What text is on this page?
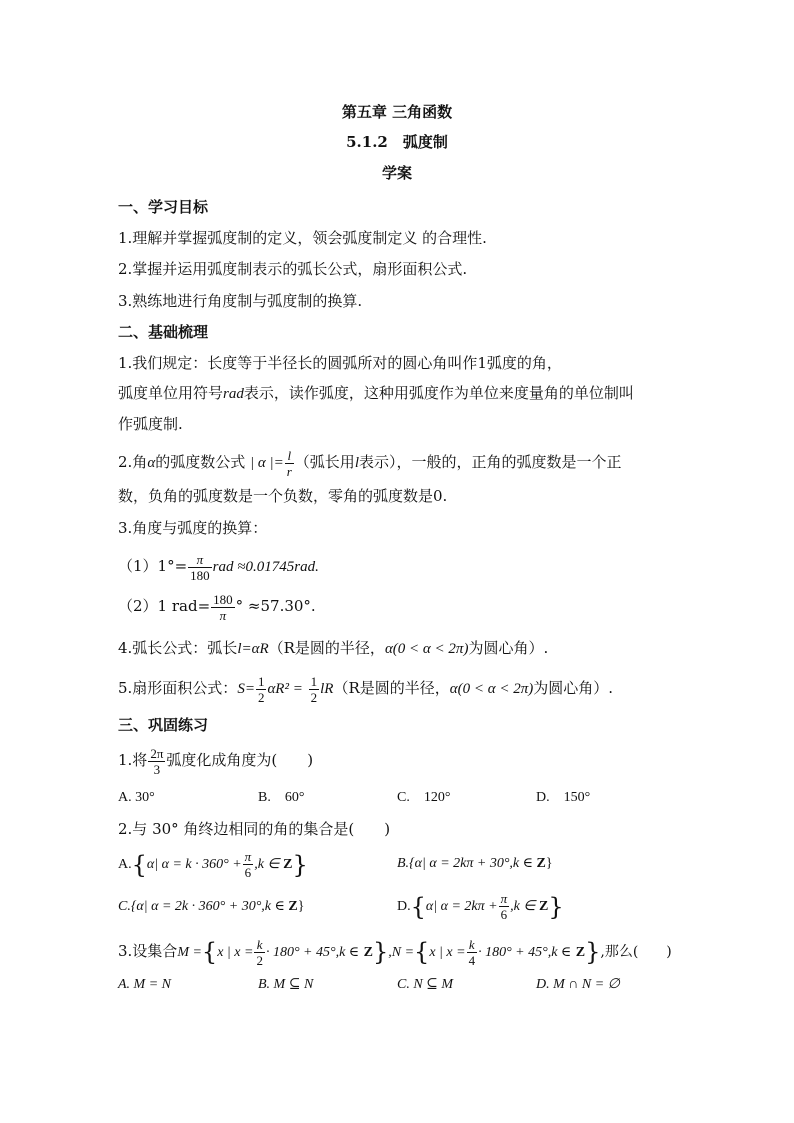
第五章 三角函数
5.1.2　弧度制
学案
一、学习目标
1.理解并掌握弧度制的定义，领会弧度制定义 的合理性.
2.掌握并运用弧度制表示的弧长公式，扇形面积公式.
3.熟练地进行角度制与弧度制的换算.
二、基础梳理
1.我们规定：长度等于半径长的圆弧所对的圆心角叫作1弧度的角，
弧度单位用符号rad表示，读作弧度，这种用弧度作为单位来度量角的单位制叫
作弧度制.
2.角α的弧度数公式 | α |= $\frac{l}{r}$ （弧长用l表示），一般的，正角的弧度数是一个正
数，负角的弧度数是一个负数，零角的弧度数是0.
3.角度与弧度的换算：
$(1)1^\circ= \frac{\pi}{180}$ rad ≈0.01745rad.
（2）1 $rad= \frac{180}{\pi}$ ° ≈57.30°.
4.弧长公式：弧长l=αR（R是圆的半径，α(0 < α < 2π)为圆心角）.
5.扇形面积公式：$S= \frac{1}{2} \alpha R^2 = \frac{1}{2} lR(R$是圆的半径，α(0 < α < 2π)为圆心角）.
三、巩固练习
1.将 $\frac{2\pi}{3}$ 弧度化成角度为(　　)
A. 30°	B.　60°	C.　120°	D.　150°
2.与 30° 角终边相同的角的集合是(　　)
A.{α| $\alpha = k \cdot 360^\circ + \frac{\pi}{6} ,k$ ∈ Z}	B.{α| α = 2kπ + 30°,k ∈ Z}
C.{α| α = 2k · 360° + 30°,k ∈ Z}	D.{α| $\alpha = 2k\pi + \frac{\pi}{6} ,k$ ∈ Z}
3.设集合M ={x | $x = \frac{k}{2} \cdot 180^\circ + 45^\circ,k$ ∈ Z},N ={x | $x = \frac{k}{4} \cdot 180^\circ + 45^\circ,k$ ∈ Z},那么(　　)
A. M = N	B. M ⊆ N	C. N ⊆ M	D. M ∩ N = ∅
